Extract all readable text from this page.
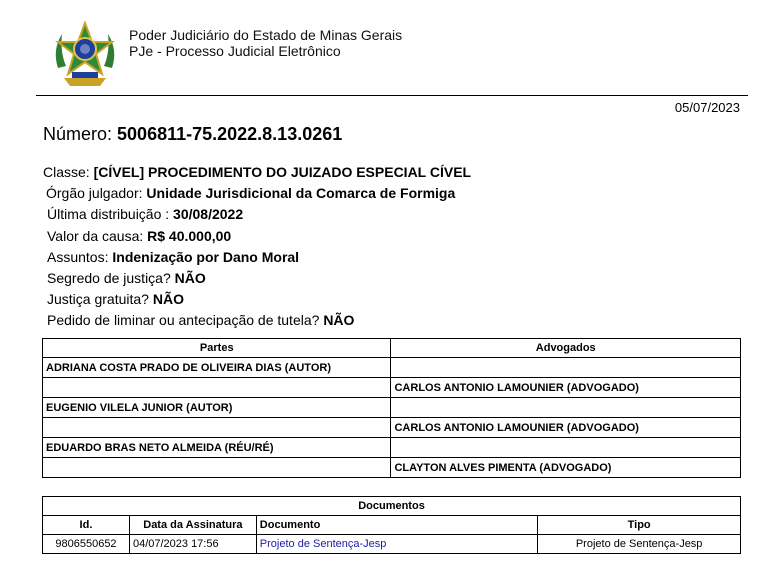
Poder Judiciário do Estado de Minas Gerais
PJe - Processo Judicial Eletrônico
05/07/2023
Número: 5006811-75.2022.8.13.0261
Classe: [CÍVEL] PROCEDIMENTO DO JUIZADO ESPECIAL CÍVEL
Órgão julgador: Unidade Jurisdicional da Comarca de Formiga
Última distribuição : 30/08/2022
Valor da causa: R$ 40.000,00
Assuntos: Indenização por Dano Moral
Segredo de justiça? NÃO
Justiça gratuita? NÃO
Pedido de liminar ou antecipação de tutela? NÃO
Partes	Advogados
ADRIANA COSTA PRADO DE OLIVEIRA DIAS (AUTOR)	
	CARLOS ANTONIO LAMOUNIER (ADVOGADO)
EUGENIO VILELA JUNIOR (AUTOR)	
	CARLOS ANTONIO LAMOUNIER (ADVOGADO)
EDUARDO BRAS NETO ALMEIDA (RÉU/RÉ)	
	CLAYTON ALVES PIMENTA (ADVOGADO)
Documentos			
Id.	Data da Assinatura	Documento	Tipo
9806550652	04/07/2023 17:56	Projeto de Sentença-Jesp	Projeto de Sentença-Jesp
